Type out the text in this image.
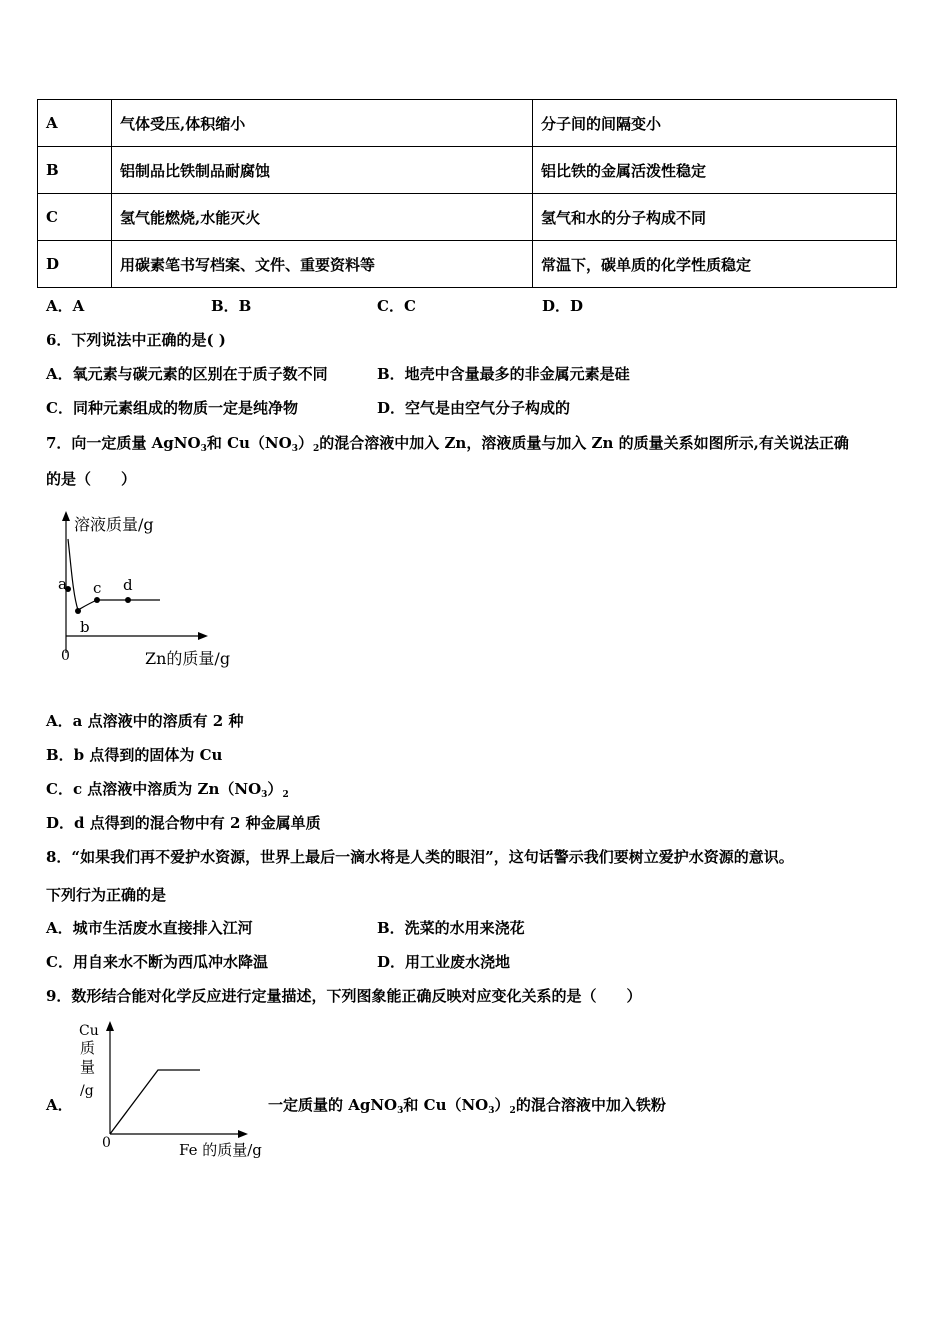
A	气体受压,体积缩小	分子间的间隔变小
B	铝制品比铁制品耐腐蚀	铝比铁的金属活泼性稳定
C	氢气能燃烧,水能灭火	氢气和水的分子构成不同
D	用碳素笔书写档案、文件、重要资料等	常温下，碳单质的化学性质稳定
A．A	B．B	C．C	D．D
6．下列说法中正确的是( )
A．氧元素与碳元素的区别在于质子数不同	B．地壳中含量最多的非金属元素是硅
C．同种元素组成的物质一定是纯净物	D．空气是由空气分子构成的
7．向一定质量 AgNO$_3$和 $Cu(NO_3)_2$的混合溶液中加入 Zn，溶液质量与加入 Zn 的质量关系如图所示,有关说法正确
的是（　　）
溶液质量/g
Zn的质量/g
0
a
b
c d
A．a 点溶液中的溶质有 2 种
B．b 点得到的固体为 Cu
C．c 点溶液中溶质为 $Zn(NO_3)_2$
D．d 点得到的混合物中有 2 种金属单质
8．“如果我们再不爱护水资源，世界上最后一滴水将是人类的眼泪”，这句话警示我们要树立爱护水资源的意识。
下列行为正确的是
A．城市生活废水直接排入江河	B．洗菜的水用来浇花
C．用自来水不断为西瓜冲水降温	D．用工业废水浇地
9．数形结合能对化学反应进行定量描述，下列图象能正确反映对应变化关系的是（　　）
A．
Cu
质
量
/g
0	Fe 的质量/g
一定质量的 AgNO$_3$和 $Cu(NO_3)_2$的混合溶液中加入铁粉
